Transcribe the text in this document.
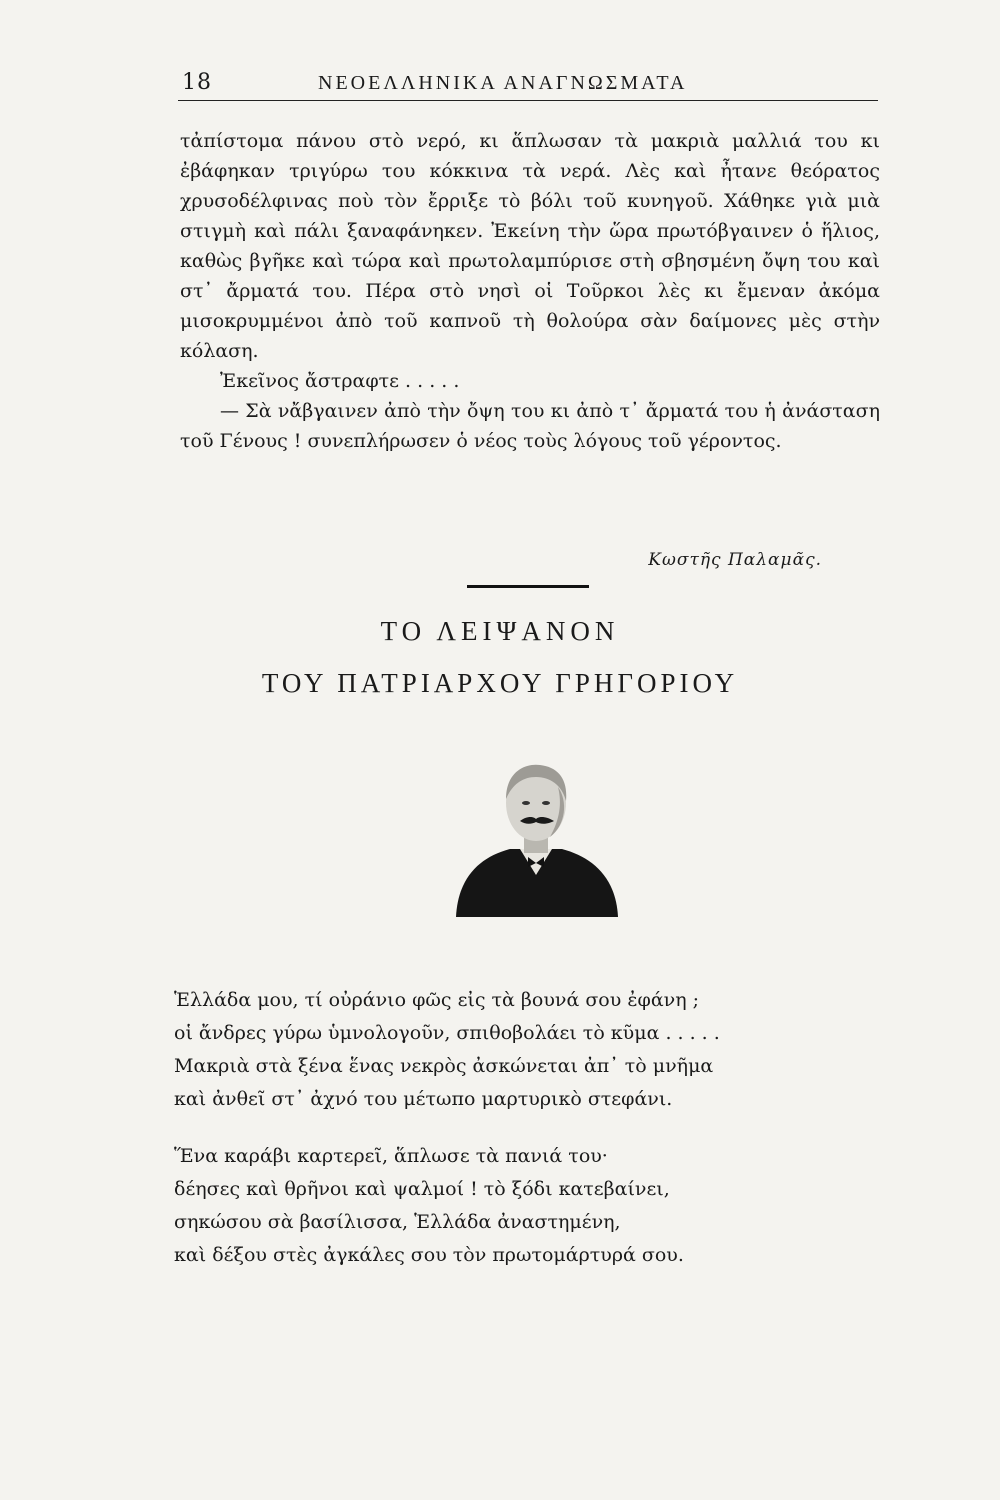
18	ΝΕΟΕΛΛΗΝΙΚΑ ΑΝΑΓΝΩΣΜΑΤΑ

τἀπίστομα πάνου στὸ νερό, κι ἅπλωσαν τὰ μακριὰ μαλλιά του κι ἐβάφηκαν τριγύρω του κόκκινα τὰ νερά. Λὲς καὶ ἦτανε θεόρατος χρυσοδέλφινας ποὺ τὸν ἔρριξε τὸ βόλι τοῦ κυνηγοῦ. Χάθηκε γιὰ μιὰ στιγμὴ καὶ πάλι ξαναφάνηκεν. Ἐκείνη τὴν ὥρα πρωτόβγαινεν ὁ ἥλιος, καθὼς βγῆκε καὶ τώρα καὶ πρωτολαμπύρισε στὴ σβησμένη ὄψη του καὶ στ᾽ ἄρματά του. Πέρα στὸ νησὶ οἱ Τοῦρκοι λὲς κι ἔμεναν ἀκόμα μισοκρυμμένοι ἀπὸ τοῦ καπνοῦ τὴ θολούρα σὰν δαίμονες μὲς στὴν κόλαση.

Ἐκεῖνος ἄστραφτε . . . . .

— Σὰ νἄβγαινεν ἀπὸ τὴν ὄψη του κι ἀπὸ τ᾽ ἄρματά του ἡ ἀνάσταση τοῦ Γένους ! συνεπλήρωσεν ὁ νέος τοὺς λόγους τοῦ γέροντος.

Κωστῆς Παλαμᾶς.
ΤΟ ΛΕΙΨΑΝΟΝ
ΤΟΥ ΠΑΤΡΙΑΡΧΟΥ ΓΡΗΓΟΡΙΟΥ
Ἑλλάδα μου, τί οὐράνιο φῶς εἰς τὰ βουνά σου ἐφάνη ;
οἱ ἄνδρες γύρω ὑμνολογοῦν, σπιθοβολάει τὸ κῦμα . . . . .
Μακριὰ στὰ ξένα ἕνας νεκρὸς ἀσκώνεται ἀπ᾽ τὸ μνῆμα
καὶ ἀνθεῖ στ᾽ ἀχνό του μέτωπο μαρτυρικὸ στεφάνι.
Ἕνα καράβι καρτερεῖ, ἅπλωσε τὰ πανιά του·
δέησες καὶ θρῆνοι καὶ ψαλμοί ! τὸ ξόδι κατεβαίνει,
σηκώσου σὰ βασίλισσα, Ἑλλάδα ἀναστημένη,
καὶ δέξου στὲς ἀγκάλες σου τὸν πρωτομάρτυρά σου.
